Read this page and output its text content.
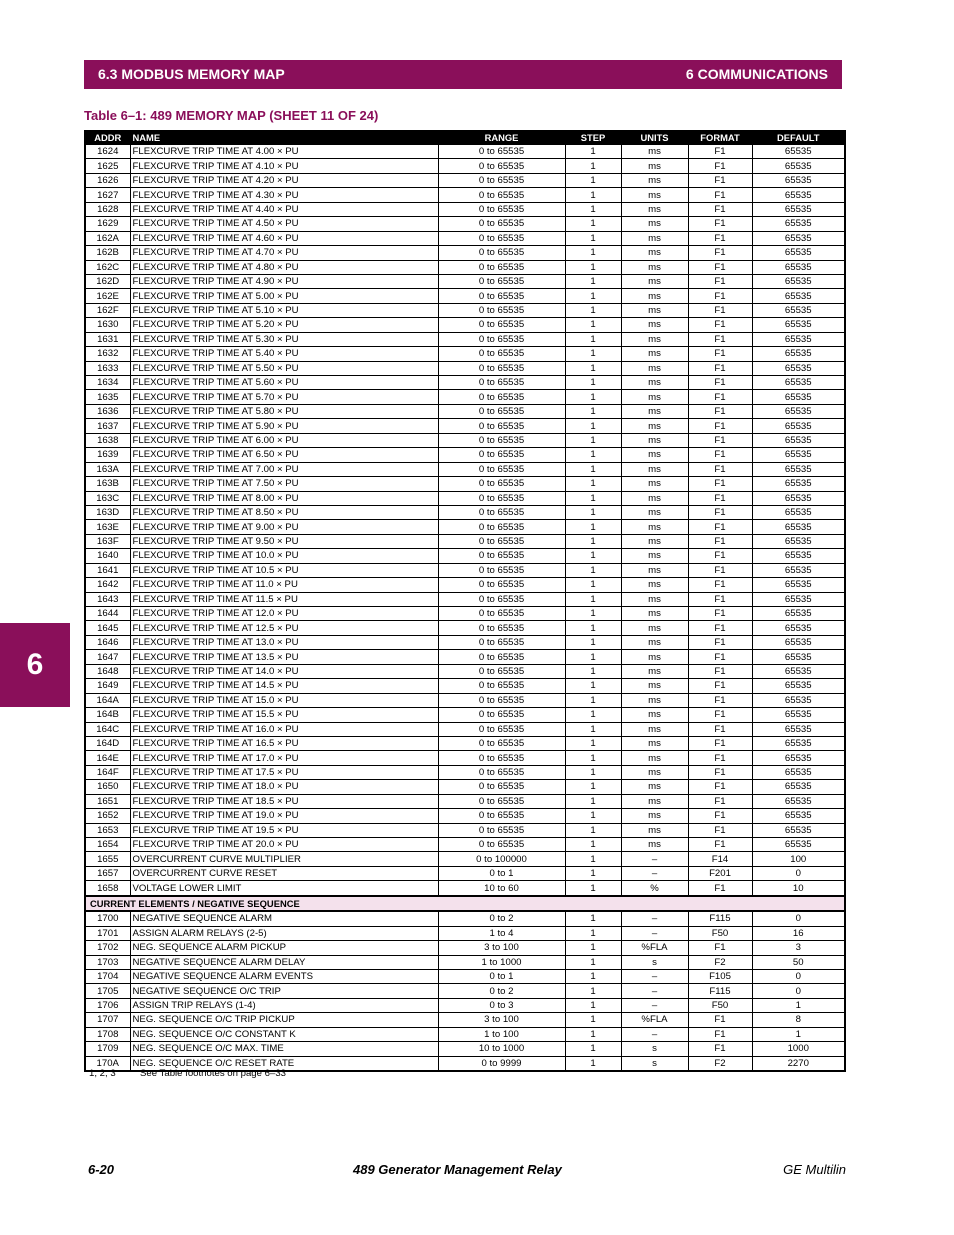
6.3 MODBUS MEMORY MAP	6 COMMUNICATIONS
6
Table 6–1: 489 MEMORY MAP (SHEET 11 OF 24)
ADDR	NAME	RANGE	STEP	UNITS	FORMAT	DEFAULT
1624	FLEXCURVE TRIP TIME AT 4.00 × PU	0 to 65535	1	ms	F1	65535
1625	FLEXCURVE TRIP TIME AT 4.10 × PU	0 to 65535	1	ms	F1	65535
1626	FLEXCURVE TRIP TIME AT 4.20 × PU	0 to 65535	1	ms	F1	65535
1627	FLEXCURVE TRIP TIME AT 4.30 × PU	0 to 65535	1	ms	F1	65535
1628	FLEXCURVE TRIP TIME AT 4.40 × PU	0 to 65535	1	ms	F1	65535
1629	FLEXCURVE TRIP TIME AT 4.50 × PU	0 to 65535	1	ms	F1	65535
162A	FLEXCURVE TRIP TIME AT 4.60 × PU	0 to 65535	1	ms	F1	65535
162B	FLEXCURVE TRIP TIME AT 4.70 × PU	0 to 65535	1	ms	F1	65535
162C	FLEXCURVE TRIP TIME AT 4.80 × PU	0 to 65535	1	ms	F1	65535
162D	FLEXCURVE TRIP TIME AT 4.90 × PU	0 to 65535	1	ms	F1	65535
162E	FLEXCURVE TRIP TIME AT 5.00 × PU	0 to 65535	1	ms	F1	65535
162F	FLEXCURVE TRIP TIME AT 5.10 × PU	0 to 65535	1	ms	F1	65535
1630	FLEXCURVE TRIP TIME AT 5.20 × PU	0 to 65535	1	ms	F1	65535
1631	FLEXCURVE TRIP TIME AT 5.30 × PU	0 to 65535	1	ms	F1	65535
1632	FLEXCURVE TRIP TIME AT 5.40 × PU	0 to 65535	1	ms	F1	65535
1633	FLEXCURVE TRIP TIME AT 5.50 × PU	0 to 65535	1	ms	F1	65535
1634	FLEXCURVE TRIP TIME AT 5.60 × PU	0 to 65535	1	ms	F1	65535
1635	FLEXCURVE TRIP TIME AT 5.70 × PU	0 to 65535	1	ms	F1	65535
1636	FLEXCURVE TRIP TIME AT 5.80 × PU	0 to 65535	1	ms	F1	65535
1637	FLEXCURVE TRIP TIME AT 5.90 × PU	0 to 65535	1	ms	F1	65535
1638	FLEXCURVE TRIP TIME AT 6.00 × PU	0 to 65535	1	ms	F1	65535
1639	FLEXCURVE TRIP TIME AT 6.50 × PU	0 to 65535	1	ms	F1	65535
163A	FLEXCURVE TRIP TIME AT 7.00 × PU	0 to 65535	1	ms	F1	65535
163B	FLEXCURVE TRIP TIME AT 7.50 × PU	0 to 65535	1	ms	F1	65535
163C	FLEXCURVE TRIP TIME AT 8.00 × PU	0 to 65535	1	ms	F1	65535
163D	FLEXCURVE TRIP TIME AT 8.50 × PU	0 to 65535	1	ms	F1	65535
163E	FLEXCURVE TRIP TIME AT 9.00 × PU	0 to 65535	1	ms	F1	65535
163F	FLEXCURVE TRIP TIME AT 9.50 × PU	0 to 65535	1	ms	F1	65535
1640	FLEXCURVE TRIP TIME AT 10.0 × PU	0 to 65535	1	ms	F1	65535
1641	FLEXCURVE TRIP TIME AT 10.5 × PU	0 to 65535	1	ms	F1	65535
1642	FLEXCURVE TRIP TIME AT 11.0 × PU	0 to 65535	1	ms	F1	65535
1643	FLEXCURVE TRIP TIME AT 11.5 × PU	0 to 65535	1	ms	F1	65535
1644	FLEXCURVE TRIP TIME AT 12.0 × PU	0 to 65535	1	ms	F1	65535
1645	FLEXCURVE TRIP TIME AT 12.5 × PU	0 to 65535	1	ms	F1	65535
1646	FLEXCURVE TRIP TIME AT 13.0 × PU	0 to 65535	1	ms	F1	65535
1647	FLEXCURVE TRIP TIME AT 13.5 × PU	0 to 65535	1	ms	F1	65535
1648	FLEXCURVE TRIP TIME AT 14.0 × PU	0 to 65535	1	ms	F1	65535
1649	FLEXCURVE TRIP TIME AT 14.5 × PU	0 to 65535	1	ms	F1	65535
164A	FLEXCURVE TRIP TIME AT 15.0 × PU	0 to 65535	1	ms	F1	65535
164B	FLEXCURVE TRIP TIME AT 15.5 × PU	0 to 65535	1	ms	F1	65535
164C	FLEXCURVE TRIP TIME AT 16.0 × PU	0 to 65535	1	ms	F1	65535
164D	FLEXCURVE TRIP TIME AT 16.5 × PU	0 to 65535	1	ms	F1	65535
164E	FLEXCURVE TRIP TIME AT 17.0 × PU	0 to 65535	1	ms	F1	65535
164F	FLEXCURVE TRIP TIME AT 17.5 × PU	0 to 65535	1	ms	F1	65535
1650	FLEXCURVE TRIP TIME AT 18.0 × PU	0 to 65535	1	ms	F1	65535
1651	FLEXCURVE TRIP TIME AT 18.5 × PU	0 to 65535	1	ms	F1	65535
1652	FLEXCURVE TRIP TIME AT 19.0 × PU	0 to 65535	1	ms	F1	65535
1653	FLEXCURVE TRIP TIME AT 19.5 × PU	0 to 65535	1	ms	F1	65535
1654	FLEXCURVE TRIP TIME AT 20.0 × PU	0 to 65535	1	ms	F1	65535
1655	OVERCURRENT CURVE MULTIPLIER	0 to 100000	1	–	F14	100
1657	OVERCURRENT CURVE RESET	0 to 1	1	–	F201	0
1658	VOLTAGE LOWER LIMIT	10 to 60	1	%	F1	10
CURRENT ELEMENTS / NEGATIVE SEQUENCE						
1700	NEGATIVE SEQUENCE ALARM	0 to 2	1	–	F115	0
1701	ASSIGN ALARM RELAYS (2-5)	1 to 4	1	–	F50	16
1702	NEG. SEQUENCE ALARM PICKUP	3 to 100	1	%FLA	F1	3
1703	NEGATIVE SEQUENCE ALARM DELAY	1 to 1000	1	s	F2	50
1704	NEGATIVE SEQUENCE ALARM EVENTS	0 to 1	1	–	F105	0
1705	NEGATIVE SEQUENCE O/C TRIP	0 to 2	1	–	F115	0
1706	ASSIGN TRIP RELAYS (1-4)	0 to 3	1	–	F50	1
1707	NEG. SEQUENCE O/C TRIP PICKUP	3 to 100	1	%FLA	F1	8
1708	NEG. SEQUENCE O/C CONSTANT K	1 to 100	1	–	F1	1
1709	NEG. SEQUENCE O/C MAX. TIME	10 to 1000	1	s	F1	1000
170A	NEG. SEQUENCE O/C RESET RATE	0 to 9999	1	s	F2	2270
1, 2, 3	See Table footnotes on page 6–33
6-20	489 Generator Management Relay	GE Multilin
